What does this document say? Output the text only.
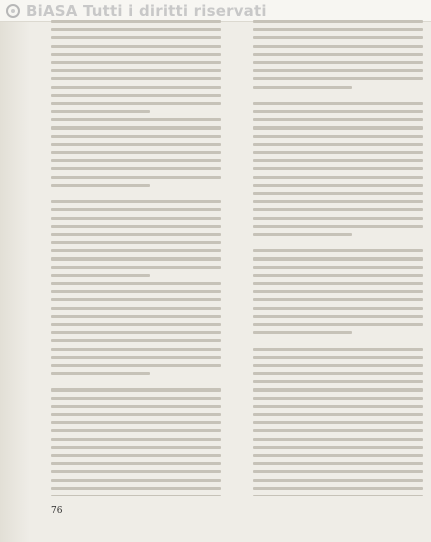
BiASA Tutti i diritti riservati
76
